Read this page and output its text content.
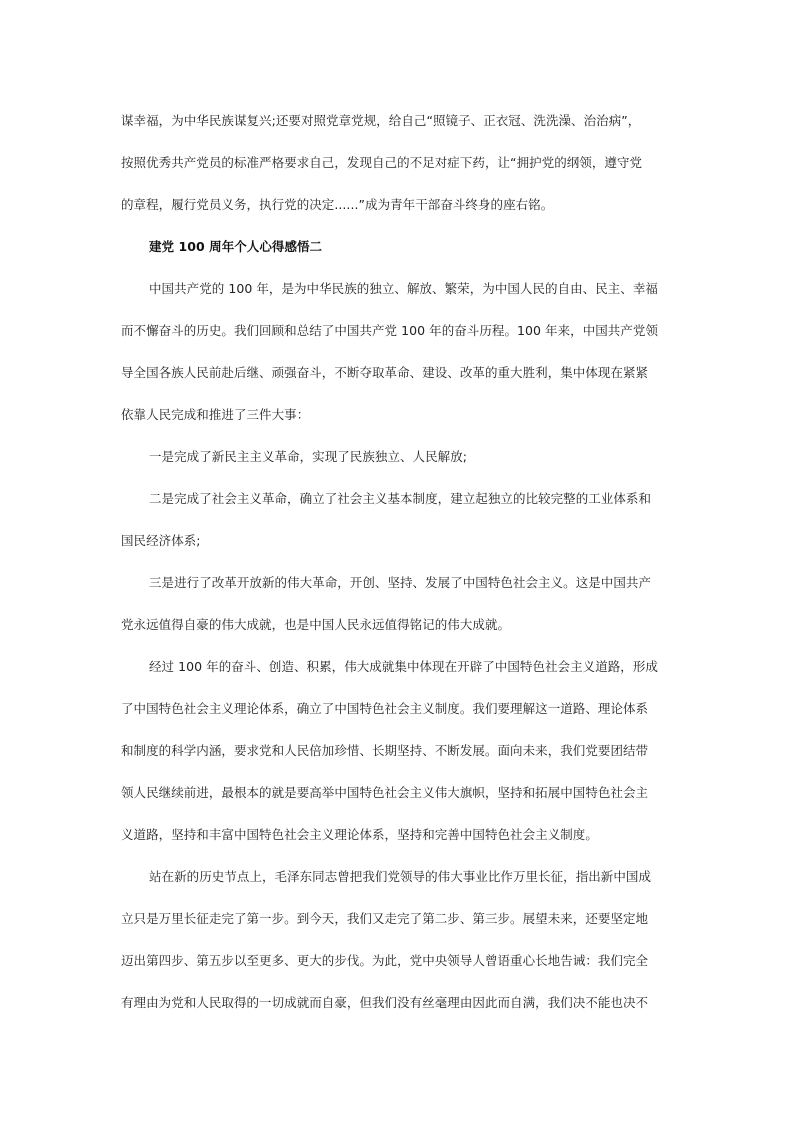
谋幸福，为中华民族谋复兴;还要对照党章党规，给自己“照镜子、正衣冠、洗洗澡、治治病”，
按照优秀共产党员的标准严格要求自己，发现自己的不足对症下药，让“拥护党的纲领，遵守党
的章程，履行党员义务，执行党的决定......”成为青年干部奋斗终身的座右铭。
建党 100 周年个人心得感悟二
中国共产党的 100 年，是为中华民族的独立、解放、繁荣，为中国人民的自由、民主、幸福
而不懈奋斗的历史。我们回顾和总结了中国共产党 100 年的奋斗历程。100 年来，中国共产党领
导全国各族人民前赴后继、顽强奋斗，不断夺取革命、建设、改革的重大胜利，集中体现在紧紧
依靠人民完成和推进了三件大事：
一是完成了新民主主义革命，实现了民族独立、人民解放;
二是完成了社会主义革命，确立了社会主义基本制度，建立起独立的比较完整的工业体系和
国民经济体系;
三是进行了改革开放新的伟大革命，开创、坚持、发展了中国特色社会主义。这是中国共产
党永远值得自豪的伟大成就，也是中国人民永远值得铭记的伟大成就。
经过 100 年的奋斗、创造、积累，伟大成就集中体现在开辟了中国特色社会主义道路，形成
了中国特色社会主义理论体系，确立了中国特色社会主义制度。我们要理解这一道路、理论体系
和制度的科学内涵，要求党和人民倍加珍惜、长期坚持、不断发展。面向未来，我们党要团结带
领人民继续前进，最根本的就是要高举中国特色社会主义伟大旗帜，坚持和拓展中国特色社会主
义道路，坚持和丰富中国特色社会主义理论体系，坚持和完善中国特色社会主义制度。
站在新的历史节点上，毛泽东同志曾把我们党领导的伟大事业比作万里长征，指出新中国成
立只是万里长征走完了第一步。到今天，我们又走完了第二步、第三步。展望未来，还要坚定地
迈出第四步、第五步以至更多、更大的步伐。为此，党中央领导人曾语重心长地告诫：我们完全
有理由为党和人民取得的一切成就而自豪，但我们没有丝毫理由因此而自满，我们决不能也决不
